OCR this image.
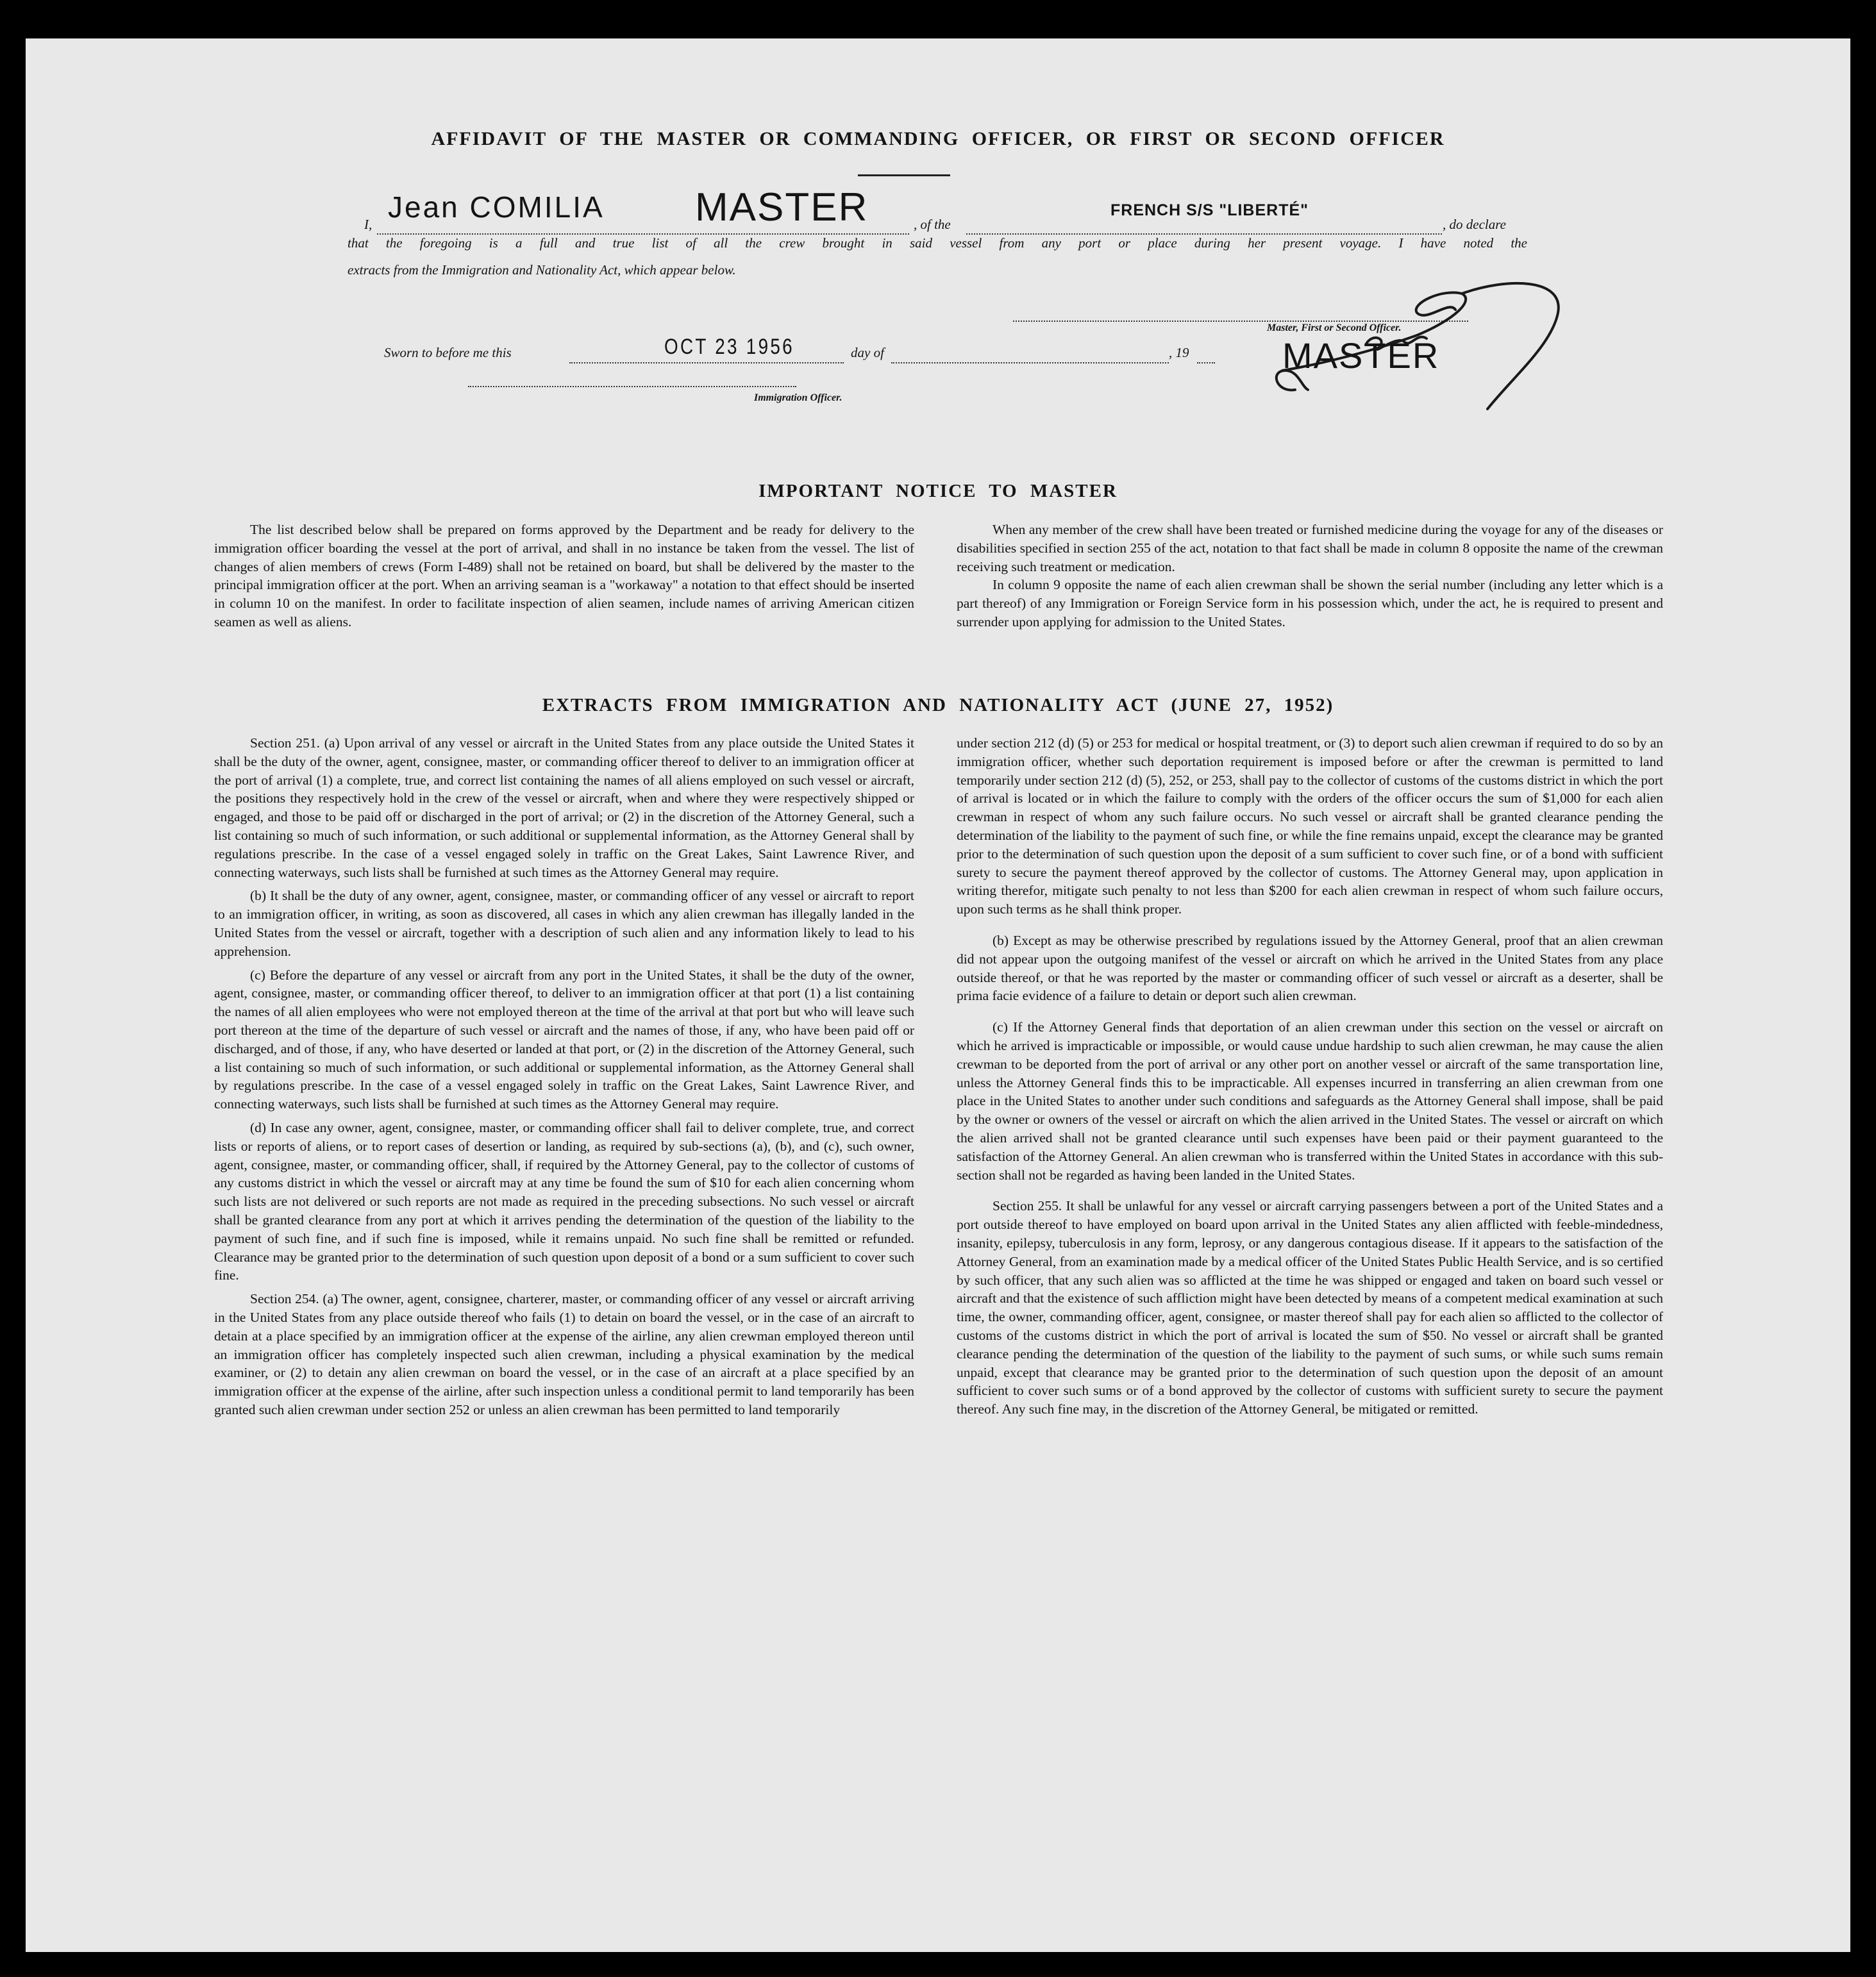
AFFIDAVIT OF THE MASTER OR COMMANDING OFFICER, OR FIRST OR SECOND OFFICER
I,
Jean COMILIA MASTER	, of the
FRENCH S/S "LIBERTÉ"
, do declare
that the foregoing is a full and true list of all the crew brought in said vessel from any port or place during her present voyage. I have noted the
extracts from the Immigration and Nationality Act, which appear below.
Sworn to before me this	OCT 23 1956	day of	, 19
Master, First or Second Officer.
MASTER
Immigration Officer.
IMPORTANT NOTICE TO MASTER

The list described below shall be prepared on forms approved by the Department and be ready for delivery to the immigration officer boarding the vessel at the port of arrival, and shall in no instance be taken from the vessel. The list of changes of alien members of crews (Form I-489) shall not be retained on board, but shall be delivered by the master to the principal immigration officer at the port. When an arriving seaman is a "workaway" a notation to that effect should be inserted in column 10 on the manifest. In order to facilitate inspection of alien seamen, include names of arriving American citizen seamen as well as aliens.

When any member of the crew shall have been treated or furnished medicine during the voyage for any of the diseases or disabilities specified in section 255 of the act, notation to that fact shall be made in column 8 opposite the name of the crewman receiving such treatment or medication.

In column 9 opposite the name of each alien crewman shall be shown the serial number (including any letter which is a part thereof) of any Immigration or Foreign Service form in his possession which, under the act, he is required to present and surrender upon applying for admission to the United States.

EXTRACTS FROM IMMIGRATION AND NATIONALITY ACT (JUNE 27, 1952)

Section 251. (a) Upon arrival of any vessel or aircraft in the United States from any place outside the United States it shall be the duty of the owner, agent, consignee, master, or commanding officer thereof to deliver to an immigration officer at the port of arrival (1) a complete, true, and correct list containing the names of all aliens employed on such vessel or aircraft, the positions they respectively hold in the crew of the vessel or aircraft, when and where they were respectively shipped or engaged, and those to be paid off or discharged in the port of arrival; or (2) in the discretion of the Attorney General, such a list containing so much of such information, or such additional or supplemental information, as the Attorney General shall by regulations prescribe. In the case of a vessel engaged solely in traffic on the Great Lakes, Saint Lawrence River, and connecting waterways, such lists shall be furnished at such times as the Attorney General may require.

(b) It shall be the duty of any owner, agent, consignee, master, or commanding officer of any vessel or aircraft to report to an immigration officer, in writing, as soon as discovered, all cases in which any alien crewman has illegally landed in the United States from the vessel or aircraft, together with a description of such alien and any information likely to lead to his apprehension.

(c) Before the departure of any vessel or aircraft from any port in the United States, it shall be the duty of the owner, agent, consignee, master, or commanding officer thereof, to deliver to an immigration officer at that port (1) a list containing the names of all alien employees who were not employed thereon at the time of the arrival at that port but who will leave such port thereon at the time of the departure of such vessel or aircraft and the names of those, if any, who have been paid off or discharged, and of those, if any, who have deserted or landed at that port, or (2) in the discretion of the Attorney General, such a list containing so much of such information, or such additional or supplemental information, as the Attorney General shall by regulations prescribe. In the case of a vessel engaged solely in traffic on the Great Lakes, Saint Lawrence River, and connecting waterways, such lists shall be furnished at such times as the Attorney General may require.

(d) In case any owner, agent, consignee, master, or commanding officer shall fail to deliver complete, true, and correct lists or reports of aliens, or to report cases of desertion or landing, as required by sub-sections (a), (b), and (c), such owner, agent, consignee, master, or commanding officer, shall, if required by the Attorney General, pay to the collector of customs of any customs district in which the vessel or aircraft may at any time be found the sum of $10 for each alien concerning whom such lists are not delivered or such reports are not made as required in the preceding subsections. No such vessel or aircraft shall be granted clearance from any port at which it arrives pending the determination of the question of the liability to the payment of such fine, and if such fine is imposed, while it remains unpaid. No such fine shall be remitted or refunded. Clearance may be granted prior to the determination of such question upon deposit of a bond or a sum sufficient to cover such fine.

Section 254. (a) The owner, agent, consignee, charterer, master, or commanding officer of any vessel or aircraft arriving in the United States from any place outside thereof who fails (1) to detain on board the vessel, or in the case of an aircraft to detain at a place specified by an immigration officer at the expense of the airline, any alien crewman employed thereon until an immigration officer has completely inspected such alien crewman, including a physical examination by the medical examiner, or (2) to detain any alien crewman on board the vessel, or in the case of an aircraft at a place specified by an immigration officer at the expense of the airline, after such inspection unless a conditional permit to land temporarily has been granted such alien crewman under section 252 or unless an alien crewman has been permitted to land temporarily

under section 212 (d) (5) or 253 for medical or hospital treatment, or (3) to deport such alien crewman if required to do so by an immigration officer, whether such deportation requirement is imposed before or after the crewman is permitted to land temporarily under section 212 (d) (5), 252, or 253, shall pay to the collector of customs of the customs district in which the port of arrival is located or in which the failure to comply with the orders of the officer occurs the sum of $1,000 for each alien crewman in respect of whom any such failure occurs. No such vessel or aircraft shall be granted clearance pending the determination of the liability to the payment of such fine, or while the fine remains unpaid, except the clearance may be granted prior to the determination of such question upon the deposit of a sum sufficient to cover such fine, or of a bond with sufficient surety to secure the payment thereof approved by the collector of customs. The Attorney General may, upon application in writing therefor, mitigate such penalty to not less than $200 for each alien crewman in respect of whom such failure occurs, upon such terms as he shall think proper.

(b) Except as may be otherwise prescribed by regulations issued by the Attorney General, proof that an alien crewman did not appear upon the outgoing manifest of the vessel or aircraft on which he arrived in the United States from any place outside thereof, or that he was reported by the master or commanding officer of such vessel or aircraft as a deserter, shall be prima facie evidence of a failure to detain or deport such alien crewman.

(c) If the Attorney General finds that deportation of an alien crewman under this section on the vessel or aircraft on which he arrived is impracticable or impossible, or would cause undue hardship to such alien crewman, he may cause the alien crewman to be deported from the port of arrival or any other port on another vessel or aircraft of the same transportation line, unless the Attorney General finds this to be impracticable. All expenses incurred in transferring an alien crewman from one place in the United States to another under such conditions and safeguards as the Attorney General shall impose, shall be paid by the owner or owners of the vessel or aircraft on which the alien arrived in the United States. The vessel or aircraft on which the alien arrived shall not be granted clearance until such expenses have been paid or their payment guaranteed to the satisfaction of the Attorney General. An alien crewman who is transferred within the United States in accordance with this sub-section shall not be regarded as having been landed in the United States.

Section 255. It shall be unlawful for any vessel or aircraft carrying passengers between a port of the United States and a port outside thereof to have employed on board upon arrival in the United States any alien afflicted with feeble-mindedness, insanity, epilepsy, tuberculosis in any form, leprosy, or any dangerous contagious disease. If it appears to the satisfaction of the Attorney General, from an examination made by a medical officer of the United States Public Health Service, and is so certified by such officer, that any such alien was so afflicted at the time he was shipped or engaged and taken on board such vessel or aircraft and that the existence of such affliction might have been detected by means of a competent medical examination at such time, the owner, commanding officer, agent, consignee, or master thereof shall pay for each alien so afflicted to the collector of customs of the customs district in which the port of arrival is located the sum of $50. No vessel or aircraft shall be granted clearance pending the determination of the question of the liability to the payment of such sums, or while such sums remain unpaid, except that clearance may be granted prior to the determination of such question upon the deposit of an amount sufficient to cover such sums or of a bond approved by the collector of customs with sufficient surety to secure the payment thereof. Any such fine may, in the discretion of the Attorney General, be mitigated or remitted.
